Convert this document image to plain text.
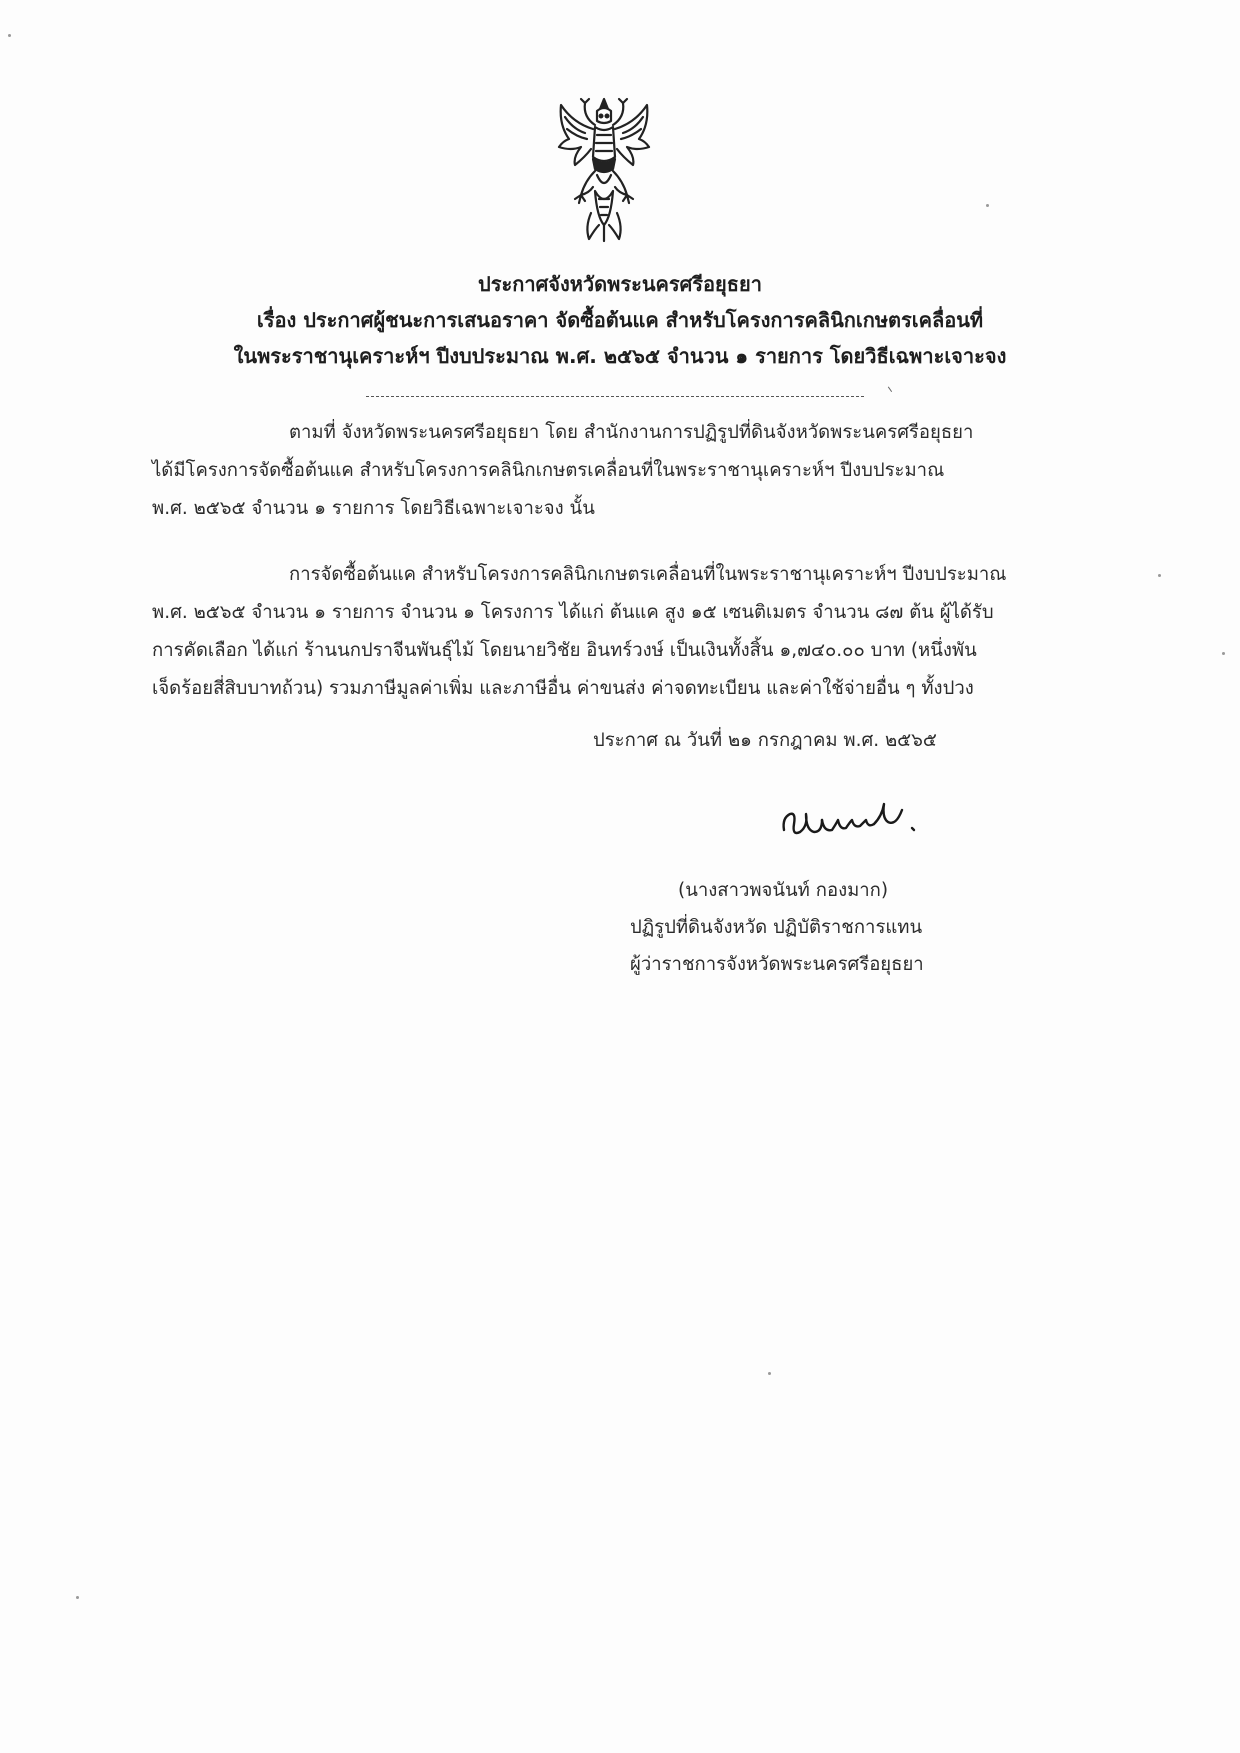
ประกาศจังหวัดพระนครศรีอยุธยา
เรื่อง ประกาศผู้ชนะการเสนอราคา จัดซื้อต้นแค สำหรับโครงการคลินิกเกษตรเคลื่อนที่
ในพระราชานุเคราะห์ฯ ปีงบประมาณ พ.ศ. ๒๕๖๕ จำนวน ๑ รายการ โดยวิธีเฉพาะเจาะจง
ตามที่ จังหวัดพระนครศรีอยุธยา โดย สำนักงานการปฏิรูปที่ดินจังหวัดพระนครศรีอยุธยา
ได้มีโครงการจัดซื้อต้นแค สำหรับโครงการคลินิกเกษตรเคลื่อนที่ในพระราชานุเคราะห์ฯ ปีงบประมาณ
พ.ศ. ๒๕๖๕ จำนวน ๑ รายการ โดยวิธีเฉพาะเจาะจง นั้น
การจัดซื้อต้นแค สำหรับโครงการคลินิกเกษตรเคลื่อนที่ในพระราชานุเคราะห์ฯ ปีงบประมาณ
พ.ศ. ๒๕๖๕ จำนวน ๑ รายการ จำนวน ๑ โครงการ ได้แก่ ต้นแค สูง ๑๕ เซนติเมตร จำนวน ๘๗ ต้น ผู้ได้รับ
การคัดเลือก ได้แก่ ร้านนกปราจีนพันธุ์ไม้ โดยนายวิชัย อินทร์วงษ์ เป็นเงินทั้งสิ้น ๑,๗๔๐.๐๐ บาท (หนึ่งพัน
เจ็ดร้อยสี่สิบบาทถ้วน) รวมภาษีมูลค่าเพิ่ม และภาษีอื่น ค่าขนส่ง ค่าจดทะเบียน และค่าใช้จ่ายอื่น ๆ ทั้งปวง
ประกาศ ณ วันที่ ๒๑ กรกฎาคม พ.ศ. ๒๕๖๕
(นางสาวพจนันท์ กองมาก)
ปฏิรูปที่ดินจังหวัด ปฏิบัติราชการแทน
ผู้ว่าราชการจังหวัดพระนครศรีอยุธยา
